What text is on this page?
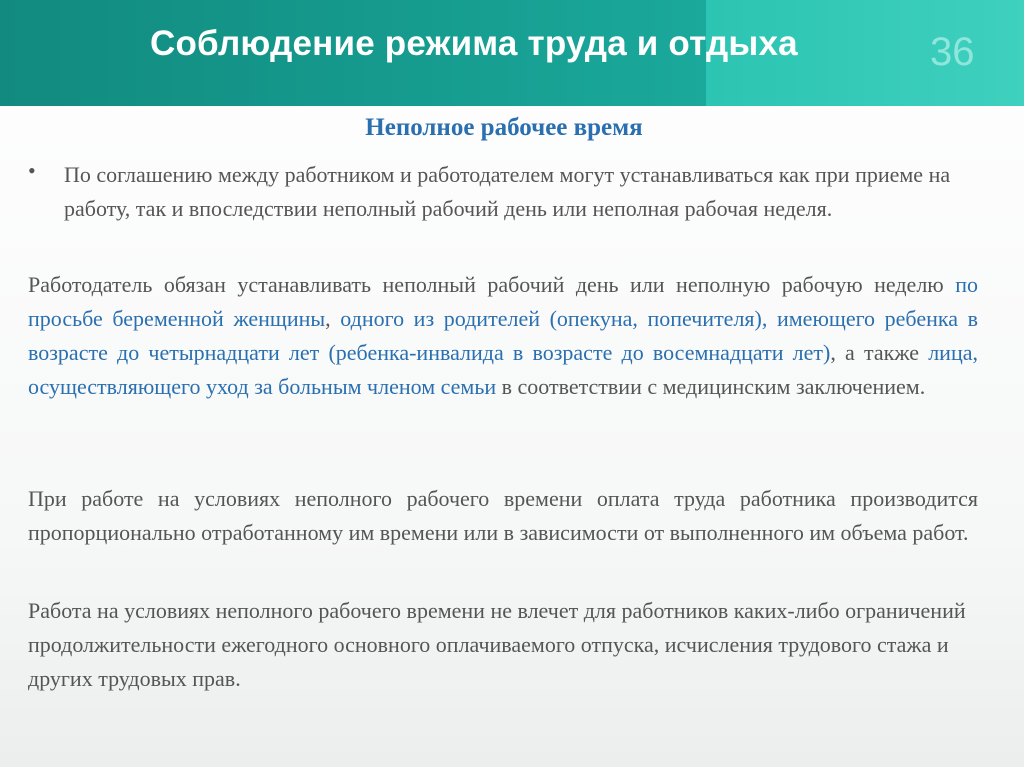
Соблюдение режима труда и отдыха	36
Неполное рабочее время
• По соглашению между работником и работодателем могут устанавливаться как при приеме на работу, так и впоследствии неполный рабочий день или неполная рабочая неделя.

Работодатель обязан устанавливать неполный рабочий день или неполную рабочую неделю по просьбе беременной женщины, одного из родителей (опекуна, попечителя), имеющего ребенка в возрасте до четырнадцати лет (ребенка-инвалида в возрасте до восемнадцати лет), а также лица, осуществляющего уход за больным членом семьи в соответствии с медицинским заключением.

При работе на условиях неполного рабочего времени оплата труда работника производится пропорционально отработанному им времени или в зависимости от выполненного им объема работ.

Работа на условиях неполного рабочего времени не влечет для работников каких-либо ограничений продолжительности ежегодного основного оплачиваемого отпуска, исчисления трудового стажа и других трудовых прав.
